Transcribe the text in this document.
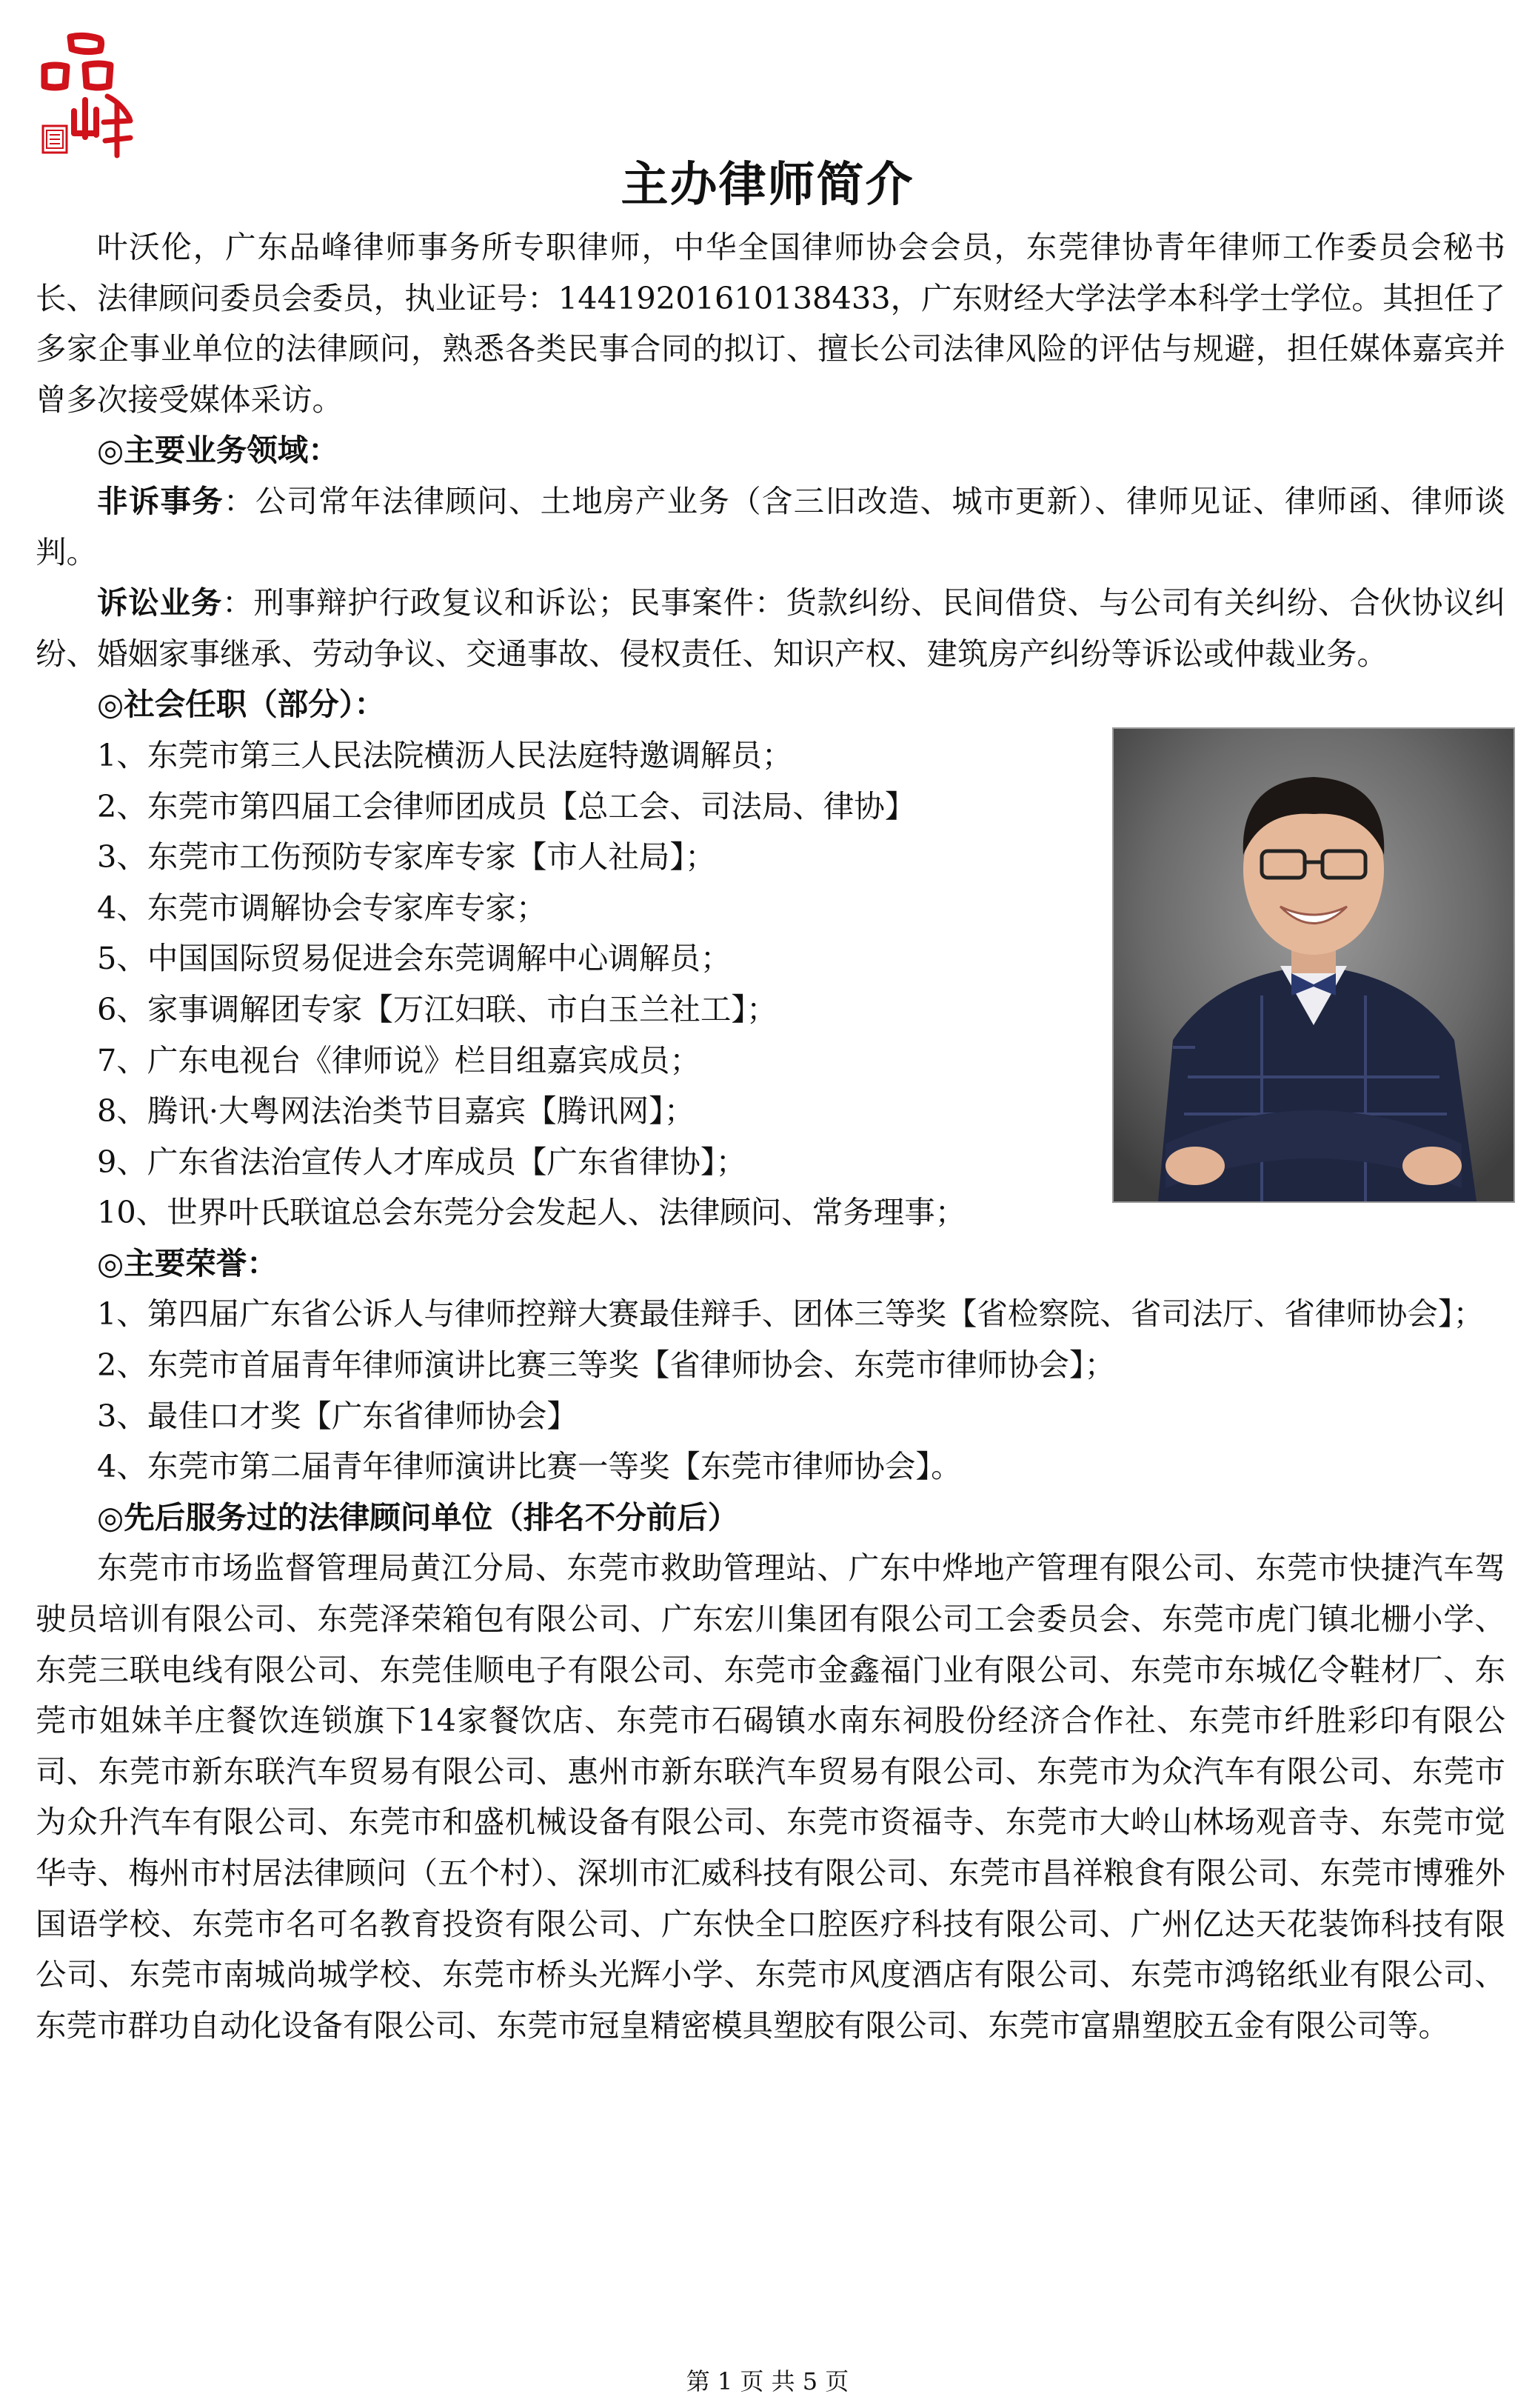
主办律师简介

叶沃伦，广东品峰律师事务所专职律师，中华全国律师协会会员，东莞律协青年律师工作委员会秘书长、法律顾问委员会委员，执业证号：14419201610138433，广东财经大学法学本科学士学位。其担任了多家企事业单位的法律顾问，熟悉各类民事合同的拟订、擅长公司法律风险的评估与规避，担任媒体嘉宾并曾多次接受媒体采访。

◎主要业务领域：

非诉事务：公司常年法律顾问、土地房产业务（含三旧改造、城市更新）、律师见证、律师函、律师谈判。

诉讼业务：刑事辩护行政复议和诉讼；民事案件：货款纠纷、民间借贷、与公司有关纠纷、合伙协议纠纷、婚姻家事继承、劳动争议、交通事故、侵权责任、知识产权、建筑房产纠纷等诉讼或仲裁业务。

◎社会任职（部分）：

1、东莞市第三人民法院横沥人民法庭特邀调解员；

2、东莞市第四届工会律师团成员【总工会、司法局、律协】

3、东莞市工伤预防专家库专家【市人社局】；

4、东莞市调解协会专家库专家；

5、中国国际贸易促进会东莞调解中心调解员；

6、家事调解团专家【万江妇联、市白玉兰社工】；

7、广东电视台《律师说》栏目组嘉宾成员；

8、腾讯·大粤网法治类节目嘉宾【腾讯网】；

9、广东省法治宣传人才库成员【广东省律协】；

10、世界叶氏联谊总会东莞分会发起人、法律顾问、常务理事；

◎主要荣誉：

1、第四届广东省公诉人与律师控辩大赛最佳辩手、团体三等奖【省检察院、省司法厅、省律师协会】；

2、东莞市首届青年律师演讲比赛三等奖【省律师协会、东莞市律师协会】；

3、最佳口才奖【广东省律师协会】

4、东莞市第二届青年律师演讲比赛一等奖【东莞市律师协会】。

◎先后服务过的法律顾问单位（排名不分前后）

东莞市市场监督管理局黄江分局、东莞市救助管理站、广东中烨地产管理有限公司、东莞市快捷汽车驾驶员培训有限公司、东莞泽荣箱包有限公司、广东宏川集团有限公司工会委员会、东莞市虎门镇北栅小学、东莞三联电线有限公司、东莞佳顺电子有限公司、东莞市金鑫福门业有限公司、东莞市东城亿令鞋材厂、东莞市姐妹羊庄餐饮连锁旗下14家餐饮店、东莞市石碣镇水南东祠股份经济合作社、东莞市纤胜彩印有限公司、东莞市新东联汽车贸易有限公司、惠州市新东联汽车贸易有限公司、东莞市为众汽车有限公司、东莞市为众升汽车有限公司、东莞市和盛机械设备有限公司、东莞市资福寺、东莞市大岭山林场观音寺、东莞市觉华寺、梅州市村居法律顾问（五个村）、深圳市汇威科技有限公司、东莞市昌祥粮食有限公司、东莞市博雅外国语学校、东莞市名可名教育投资有限公司、广东快全口腔医疗科技有限公司、广州亿达天花装饰科技有限公司、东莞市南城尚城学校、东莞市桥头光辉小学、东莞市风度酒店有限公司、东莞市鸿铭纸业有限公司、东莞市群功自动化设备有限公司、东莞市冠皇精密模具塑胶有限公司、东莞市富鼎塑胶五金有限公司等。

第 1 页 共 5 页
